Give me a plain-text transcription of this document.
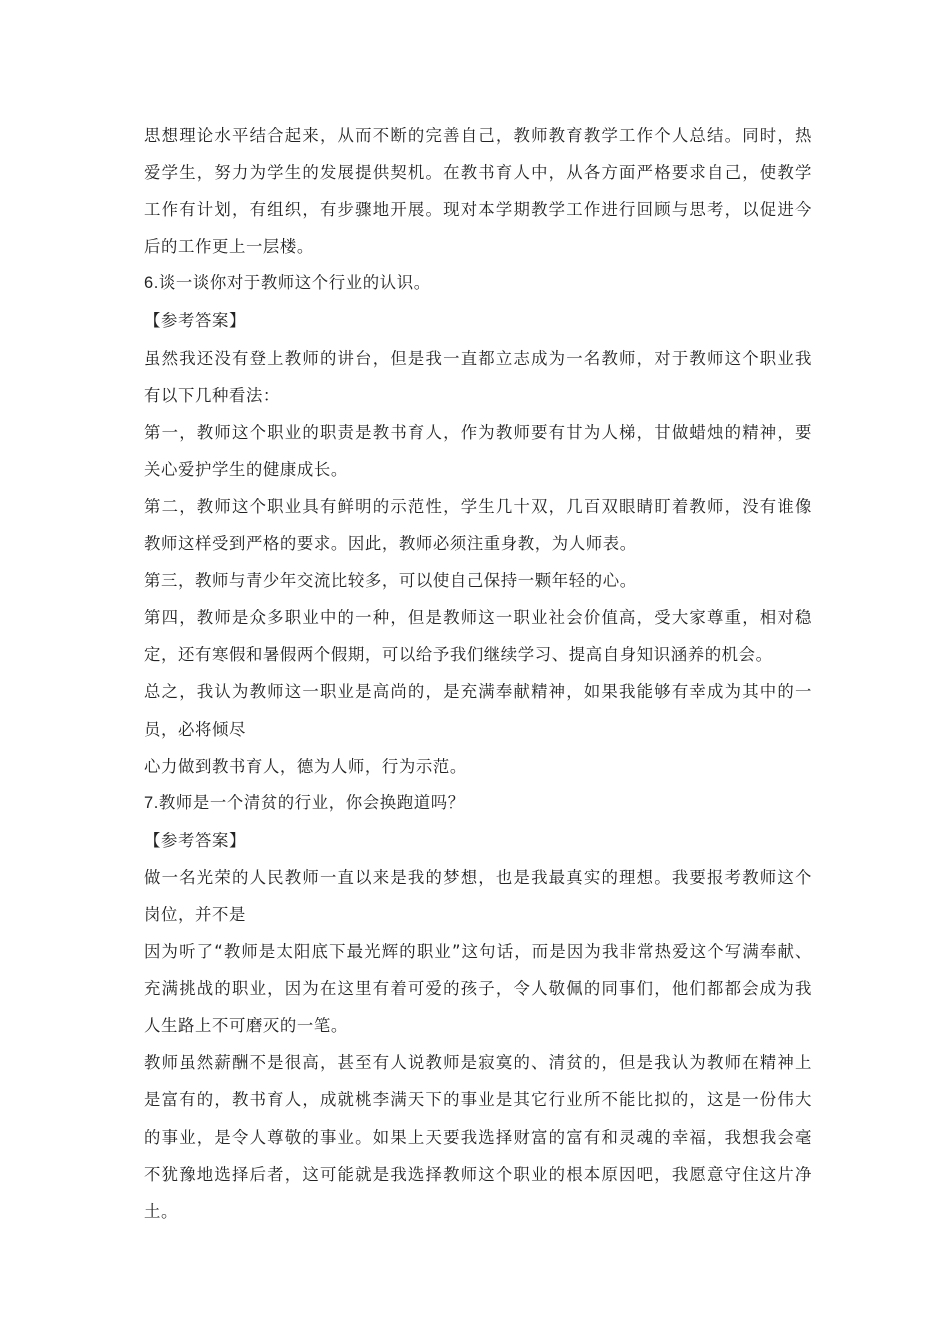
思想理论水平结合起来，从而不断的完善自己，教师教育教学工作个人总结。同时，热
爱学生，努力为学生的发展提供契机。在教书育人中，从各方面严格要求自己，使教学
工作有计划，有组织，有步骤地开展。现对本学期教学工作进行回顾与思考，以促进今
后的工作更上一层楼。
6.谈一谈你对于教师这个行业的认识。
【参考答案】
虽然我还没有登上教师的讲台，但是我一直都立志成为一名教师，对于教师这个职业我
有以下几种看法：
第一，教师这个职业的职责是教书育人，作为教师要有甘为人梯，甘做蜡烛的精神，要
关心爱护学生的健康成长。
第二，教师这个职业具有鲜明的示范性，学生几十双，几百双眼睛盯着教师，没有谁像
教师这样受到严格的要求。因此，教师必须注重身教，为人师表。
第三，教师与青少年交流比较多，可以使自己保持一颗年轻的心。
第四，教师是众多职业中的一种，但是教师这一职业社会价值高，受大家尊重，相对稳
定，还有寒假和暑假两个假期，可以给予我们继续学习、提高自身知识涵养的机会。
总之，我认为教师这一职业是高尚的，是充满奉献精神，如果我能够有幸成为其中的一
员，必将倾尽
心力做到教书育人，德为人师，行为示范。
7.教师是一个清贫的行业，你会换跑道吗？
【参考答案】
做一名光荣的人民教师一直以来是我的梦想，也是我最真实的理想。我要报考教师这个
岗位，并不是
因为听了“教师是太阳底下最光辉的职业”这句话，而是因为我非常热爱这个写满奉献、
充满挑战的职业，因为在这里有着可爱的孩子，令人敬佩的同事们，他们都都会成为我
人生路上不可磨灭的一笔。
教师虽然薪酬不是很高，甚至有人说教师是寂寞的、清贫的，但是我认为教师在精神上
是富有的，教书育人，成就桃李满天下的事业是其它行业所不能比拟的，这是一份伟大
的事业，是令人尊敬的事业。如果上天要我选择财富的富有和灵魂的幸福，我想我会毫
不犹豫地选择后者，这可能就是我选择教师这个职业的根本原因吧，我愿意守住这片净
土。
